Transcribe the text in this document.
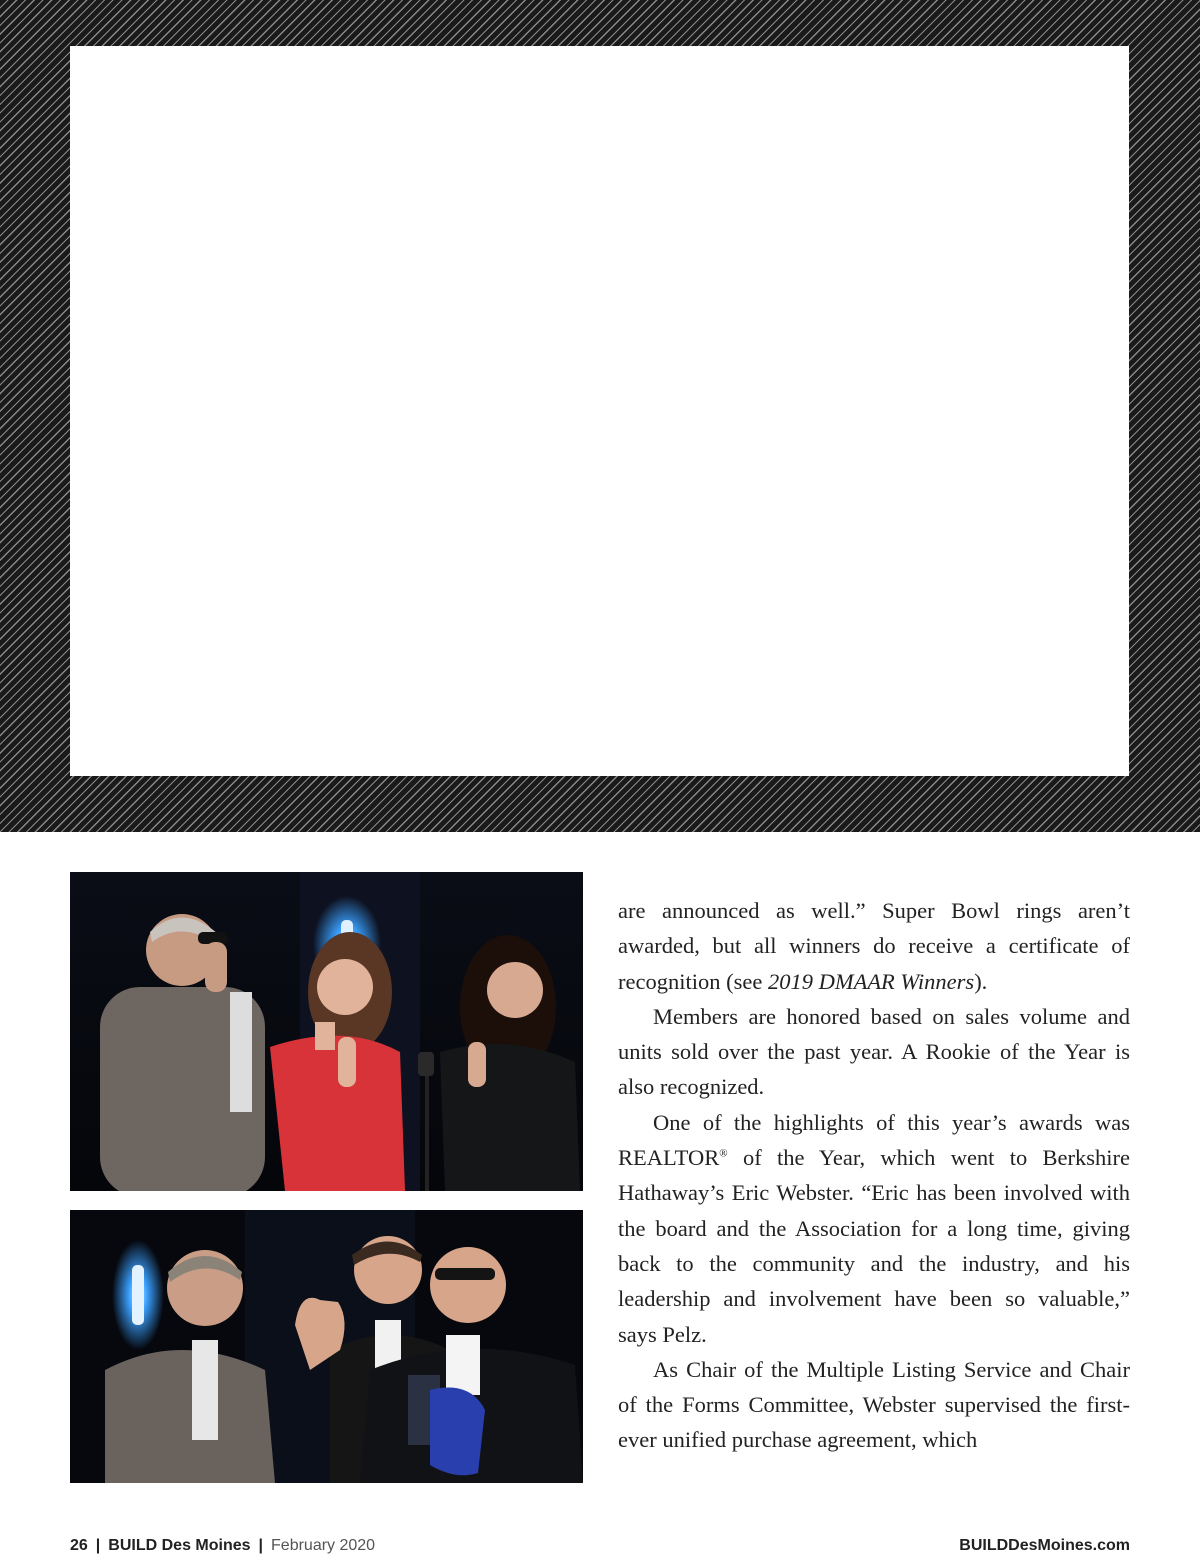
are announced as well.” Super Bowl rings aren’t awarded, but all winners do receive a certificate of recognition (see 2019 DMAAR Winners).

Members are honored based on sales volume and units sold over the past year. A Rookie of the Year is also recognized.

One of the highlights of this year’s awards was REALTOR® of the Year, which went to Berkshire Hathaway’s Eric Webster. “Eric has been involved with the board and the Association for a long time, giving back to the community and the industry, and his leadership and involvement have been so valuable,” says Pelz.

As Chair of the Multiple Listing Service and Chair of the Forms Committee, Webster supervised the first-ever unified purchase agreement, which

26 | BUILD Des Moines | February 2020	BUILDDesMoines.com
